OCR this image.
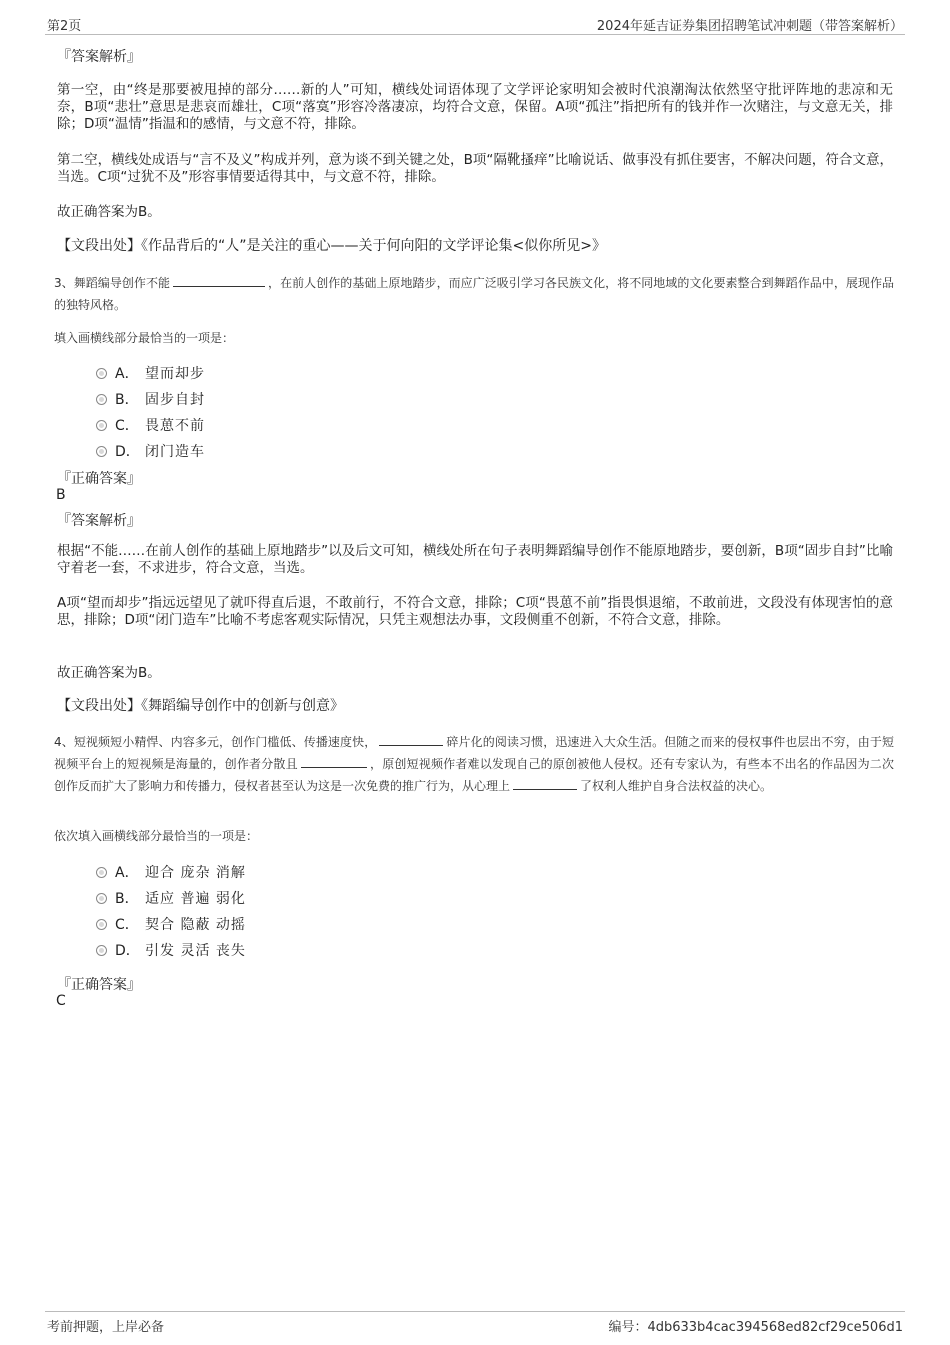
第2页	2024年延吉证券集团招聘笔试冲刺题（带答案解析）
『答案解析』
第一空，由“终是那要被甩掉的部分……新的人”可知，横线处词语体现了文学评论家明知会被时代浪潮淘汰依然坚守批评阵地的悲凉和无奈，B项“悲壮”意思是悲哀而雄壮，C项“落寞”形容冷落凄凉，均符合文意，保留。A项“孤注”指把所有的钱并作一次赌注，与文意无关，排除；D项“温情”指温和的感情，与文意不符，排除。
第二空，横线处成语与“言不及义”构成并列，意为谈不到关键之处，B项“隔靴搔痒”比喻说话、做事没有抓住要害，不解决问题，符合文意，当选。C项“过犹不及”形容事情要适得其中，与文意不符，排除。
故正确答案为B。
【文段出处】《作品背后的“人”是关注的重心——关于何向阳的文学评论集<似你所见>》
3、舞蹈编导创作不能	，在前人创作的基础上原地踏步，而应广泛吸引学习各民族文化，将不同地域的文化要素整合到舞蹈作品中，展现作品的独特风格。
填入画横线部分最恰当的一项是：
A． 望而却步
B． 固步自封
C． 畏葸不前
D． 闭门造车
『正确答案』
B
『答案解析』
根据“不能……在前人创作的基础上原地踏步”以及后文可知，横线处所在句子表明舞蹈编导创作不能原地踏步，要创新，B项“固步自封”比喻守着老一套，不求进步，符合文意，当选。
A项“望而却步”指远远望见了就吓得直后退，不敢前行，不符合文意，排除；C项“畏葸不前”指畏惧退缩，不敢前进，文段没有体现害怕的意思，排除；D项“闭门造车”比喻不考虑客观实际情况，只凭主观想法办事，文段侧重不创新，不符合文意，排除。
故正确答案为B。
【文段出处】《舞蹈编导创作中的创新与创意》
4、短视频短小精悍、内容多元，创作门槛低、传播速度快，	碎片化的阅读习惯，迅速进入大众生活。但随之而来的侵权事件也层出不穷，由于短视频平台上的短视频是海量的，创作者分散且	，原创短视频作者难以发现自己的原创被他人侵权。还有专家认为，有些本不出名的作品因为二次创作反而扩大了影响力和传播力，侵权者甚至认为这是一次免费的推广行为，从心理上	了权利人维护自身合法权益的决心。
依次填入画横线部分最恰当的一项是：
A． 迎合 庞杂 消解
B． 适应 普遍 弱化
C． 契合 隐蔽 动摇
D． 引发 灵活 丧失
『正确答案』
C
考前押题，上岸必备	编号：4db633b4cac394568ed82cf29ce506d1
